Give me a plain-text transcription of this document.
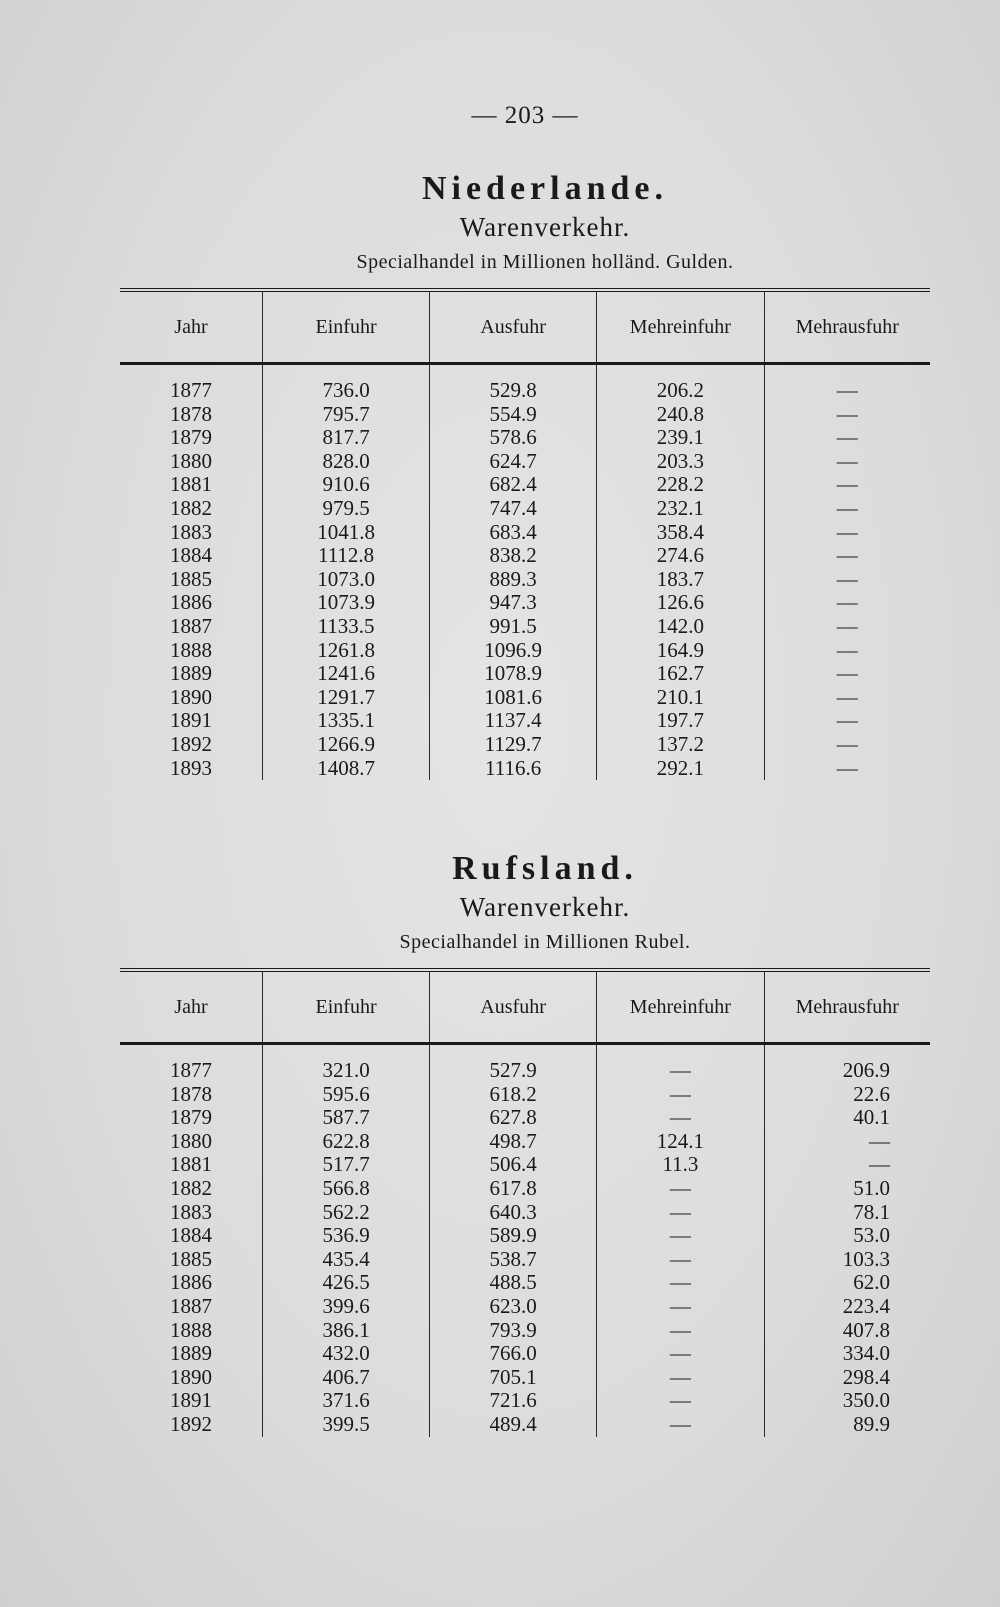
— 203 —
Niederlande.
Warenverkehr.
Specialhandel in Millionen holländ. Gulden.
Jahr	Einfuhr	Ausfuhr	Mehreinfuhr	Mehrausfuhr
1877	736.0	529.8	206.2	—
1878	795.7	554.9	240.8	—
1879	817.7	578.6	239.1	—
1880	828.0	624.7	203.3	—
1881	910.6	682.4	228.2	—
1882	979.5	747.4	232.1	—
1883	1041.8	683.4	358.4	—
1884	1112.8	838.2	274.6	—
1885	1073.0	889.3	183.7	—
1886	1073.9	947.3	126.6	—
1887	1133.5	991.5	142.0	—
1888	1261.8	1096.9	164.9	—
1889	1241.6	1078.9	162.7	—
1890	1291.7	1081.6	210.1	—
1891	1335.1	1137.4	197.7	—
1892	1266.9	1129.7	137.2	—
1893	1408.7	1116.6	292.1	—
Rufsland.
Warenverkehr.
Specialhandel in Millionen Rubel.
Jahr	Einfuhr	Ausfuhr	Mehreinfuhr	Mehrausfuhr
1877	321.0	527.9	—	206.9
1878	595.6	618.2	—	22.6
1879	587.7	627.8	—	40.1
1880	622.8	498.7	124.1	—
1881	517.7	506.4	11.3	—
1882	566.8	617.8	—	51.0
1883	562.2	640.3	—	78.1
1884	536.9	589.9	—	53.0
1885	435.4	538.7	—	103.3
1886	426.5	488.5	—	62.0
1887	399.6	623.0	—	223.4
1888	386.1	793.9	—	407.8
1889	432.0	766.0	—	334.0
1890	406.7	705.1	—	298.4
1891	371.6	721.6	—	350.0
1892	399.5	489.4	—	89.9
